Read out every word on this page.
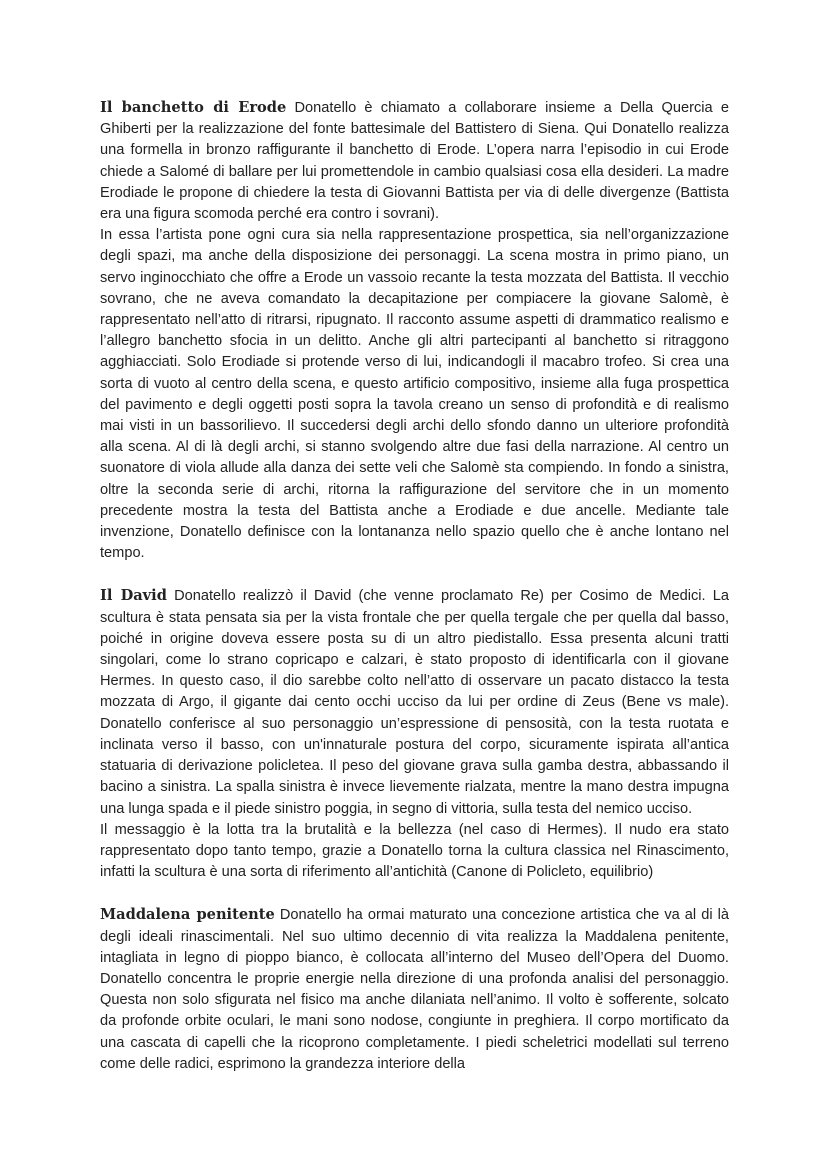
Il banchetto di Erode Donatello è chiamato a collaborare insieme a Della Quercia e Ghiberti per la realizzazione del fonte battesimale del Battistero di Siena. Qui Donatello realizza una formella in bronzo raffigurante il banchetto di Erode. L’opera narra l’episodio in cui Erode chiede a Salomé di ballare per lui promettendole in cambio qualsiasi cosa ella desideri. La madre Erodiade le propone di chiedere la testa di Giovanni Battista per via di delle divergenze (Battista era una figura scomoda perché era contro i sovrani).

In essa l’artista pone ogni cura sia nella rappresentazione prospettica, sia nell’organizzazione degli spazi, ma anche della disposizione dei personaggi. La scena mostra in primo piano, un servo inginocchiato che offre a Erode un vassoio recante la testa mozzata del Battista. Il vecchio sovrano, che ne aveva comandato la decapitazione per compiacere la giovane Salomè, è rappresentato nell’atto di ritrarsi, ripugnato. Il racconto assume aspetti di drammatico realismo e l’allegro banchetto sfocia in un delitto. Anche gli altri partecipanti al banchetto si ritraggono agghiacciati. Solo Erodiade si protende verso di lui, indicandogli il macabro trofeo. Si crea una sorta di vuoto al centro della scena, e questo artificio compositivo, insieme alla fuga prospettica del pavimento e degli oggetti posti sopra la tavola creano un senso di profondità e di realismo mai visti in un bassorilievo. Il succedersi degli archi dello sfondo danno un ulteriore profondità alla scena. Al di là degli archi, si stanno svolgendo altre due fasi della narrazione. Al centro un suonatore di viola allude alla danza dei sette veli che Salomè sta compiendo. In fondo a sinistra, oltre la seconda serie di archi, ritorna la raffigurazione del servitore che in un momento precedente mostra la testa del Battista anche a Erodiade e due ancelle. Mediante tale invenzione, Donatello definisce con la lontananza nello spazio quello che è anche lontano nel tempo.

Il David Donatello realizzò il David (che venne proclamato Re) per Cosimo de Medici. La scultura è stata pensata sia per la vista frontale che per quella tergale che per quella dal basso, poiché in origine doveva essere posta su di un altro piedistallo. Essa presenta alcuni tratti singolari, come lo strano copricapo e calzari, è stato proposto di identificarla con il giovane Hermes. In questo caso, il dio sarebbe colto nell’atto di osservare un pacato distacco la testa mozzata di Argo, il gigante dai cento occhi ucciso da lui per ordine di Zeus (Bene vs male). Donatello conferisce al suo personaggio un’espressione di pensosità, con la testa ruotata e inclinata verso il basso, con un'innaturale postura del corpo, sicuramente ispirata all’antica statuaria di derivazione policletea. Il peso del giovane grava sulla gamba destra, abbassando il bacino a sinistra. La spalla sinistra è invece lievemente rialzata, mentre la mano destra impugna una lunga spada e il piede sinistro poggia, in segno di vittoria, sulla testa del nemico ucciso.

Il messaggio è la lotta tra la brutalità e la bellezza (nel caso di Hermes). Il nudo era stato rappresentato dopo tanto tempo, grazie a Donatello torna la cultura classica nel Rinascimento, infatti la scultura è una sorta di riferimento all’antichità (Canone di Policleto, equilibrio)

Maddalena penitente Donatello ha ormai maturato una concezione artistica che va al di là degli ideali rinascimentali. Nel suo ultimo decennio di vita realizza la Maddalena penitente, intagliata in legno di pioppo bianco, è collocata all’interno del Museo dell’Opera del Duomo. Donatello concentra le proprie energie nella direzione di una profonda analisi del personaggio. Questa non solo sfigurata nel fisico ma anche dilaniata nell’animo. Il volto è sofferente, solcato da profonde orbite oculari, le mani sono nodose, congiunte in preghiera. Il corpo mortificato da una cascata di capelli che la ricoprono completamente. I piedi scheletrici modellati sul terreno come delle radici, esprimono la grandezza interiore della
